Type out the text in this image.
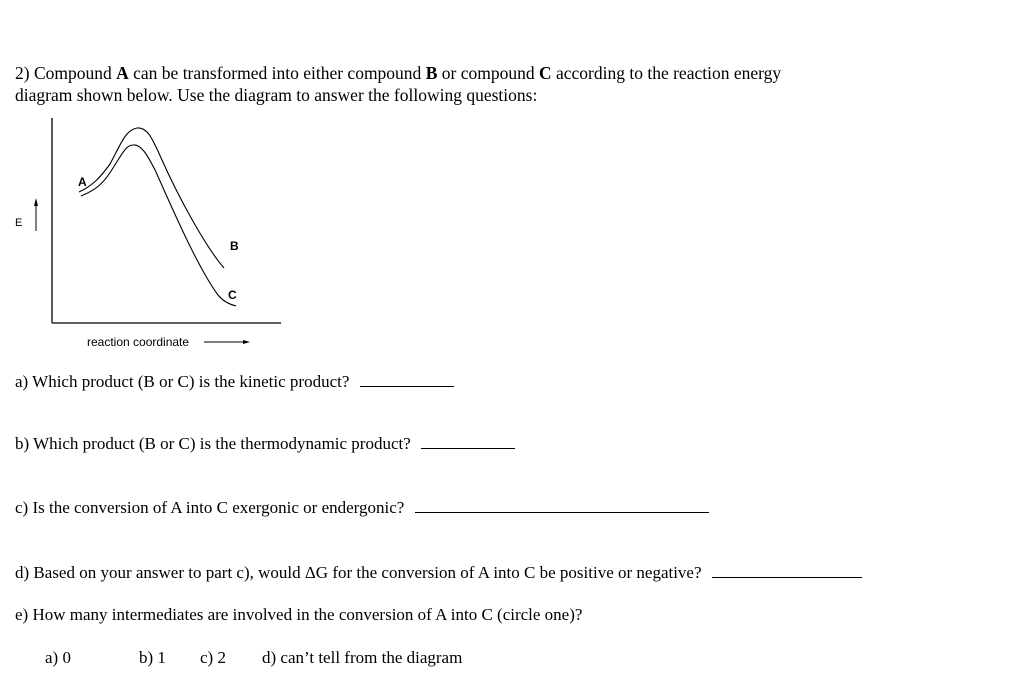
2) Compound A can be transformed into either compound B or compound C according to the reaction energy
diagram shown below. Use the diagram to answer the following questions:
E
A
B
C
reaction coordinate
a) Which product (B or C) is the kinetic product?
b) Which product (B or C) is the thermodynamic product?
c) Is the conversion of A into C exergonic or endergonic?
d) Based on your answer to part c), would ΔG for the conversion of A into C be positive or negative?
e) How many intermediates are involved in the conversion of A into C (circle one)?
a) 0	b) 1 c) 2 d) can’t tell from the diagram
